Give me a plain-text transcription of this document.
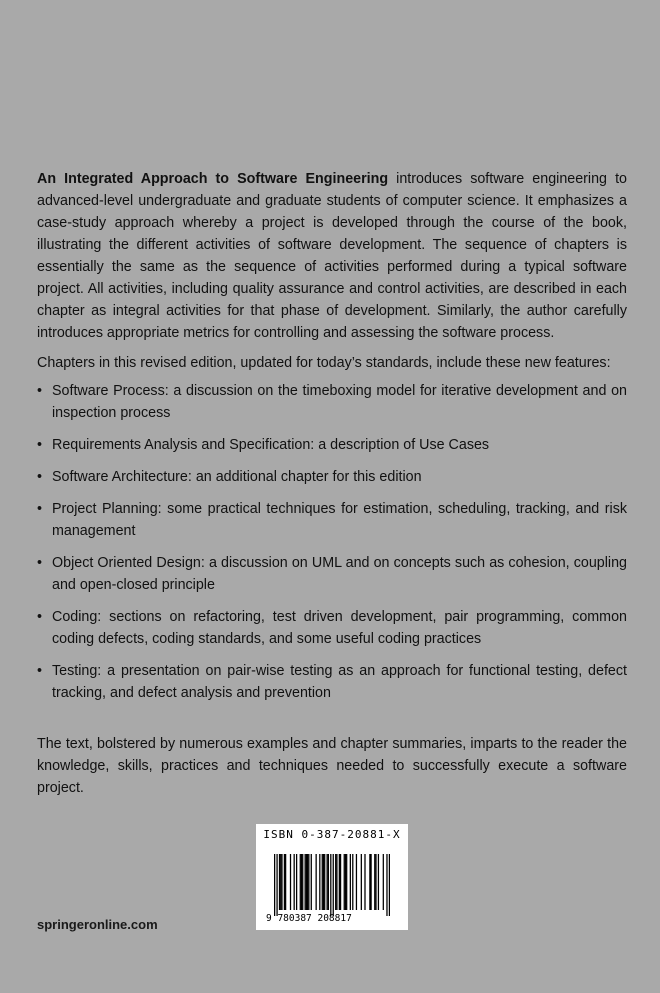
An Integrated Approach to Software Engineering introduces software engineering to advanced-level undergraduate and graduate students of computer science. It emphasizes a case-study approach whereby a project is developed through the course of the book, illustrating the different activities of software development. The sequence of chapters is essentially the same as the sequence of activities performed during a typical software project. All activities, including quality assurance and control activities, are described in each chapter as integral activities for that phase of development. Similarly, the author carefully introduces appropriate metrics for controlling and assessing the software process.

Chapters in this revised edition, updated for today’s standards, include these new features:

• Software Process: a discussion on the timeboxing model for iterative development and on inspection process
• Requirements Analysis and Specification: a description of Use Cases
• Software Architecture: an additional chapter for this edition
• Project Planning: some practical techniques for estimation, scheduling, tracking, and risk management
• Object Oriented Design: a discussion on UML and on concepts such as cohesion, coupling and open-closed principle
• Coding: sections on refactoring, test driven development, pair programming, common coding defects, coding standards, and some useful coding practices
• Testing: a presentation on pair-wise testing as an approach for functional testing, defect tracking, and defect analysis and prevention

The text, bolstered by numerous examples and chapter summaries, imparts to the reader the knowledge, skills, practices and techniques needed to successfully execute a software project.

ISBN 0-387-20881-X
9 780387 208817
springeronline.com
